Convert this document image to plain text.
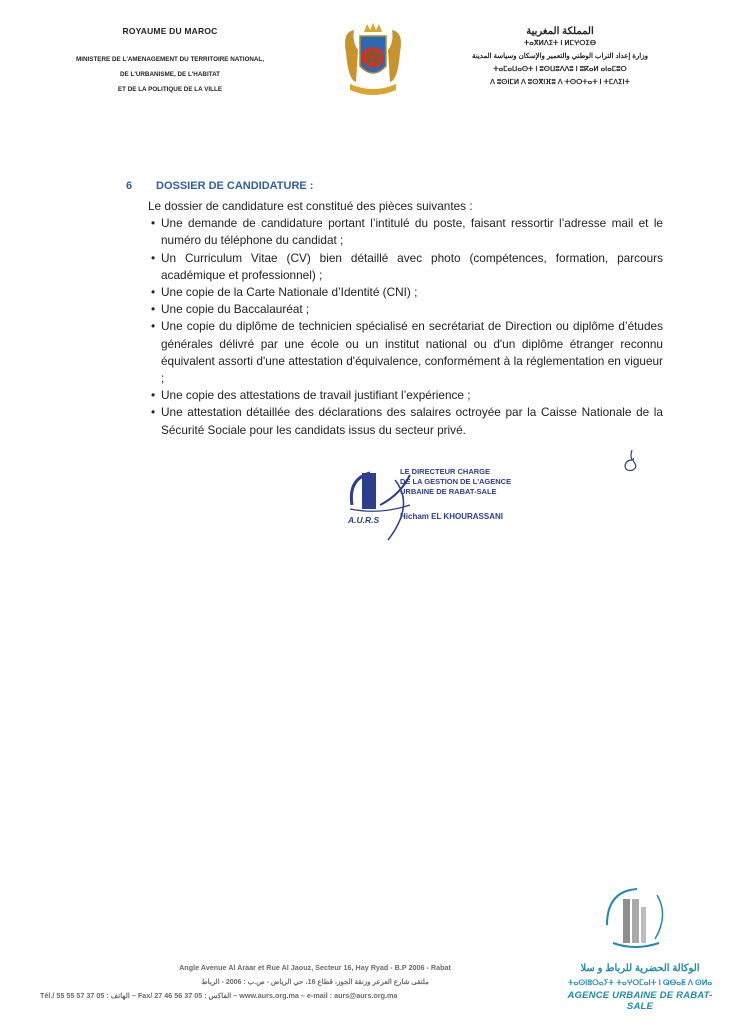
ROYAUME DU MAROC
MINISTERE DE L'AMENAGEMENT DU TERRITOIRE NATIONAL,
DE L'URBANISME, DE L'HABITAT
ET DE LA POLITIQUE DE LA VILLE
المملكة المغربية
ⵜⴰⴳⵍⴷⵉⵜ ⵏ ⵍⵎⵖⵔⵉⴱ
وزارة إعداد التراب الوطني والتعمير والإسكان وسياسة المدينة
ⵜⴰⵎⴰⵡⴰⵙⵜ ⵏ ⵓⵙⵡⵓⴷⴷⵓ ⵏ ⵓⴽⴰⵍ ⴰⵏⴰⵎⵓⵔ
ⴷ ⵓⵙⵏⵎⵍ ⴷ ⵓⵙⴳⵏⴼⵓ ⴷ ⵜⵙⵔⵜⴰⵜ ⵏ ⵜⵎⴷⵉⵏⵜ
6 DOSSIER DE CANDIDATURE :
Le dossier de candidature est constitué des pièces suivantes :
• Une demande de candidature portant l’intitulé du poste, faisant ressortir l’adresse mail et le numéro du téléphone du candidat ;
• Un Curriculum Vitae (CV) bien détaillé avec photo (compétences, formation, parcours académique et professionnel) ;
• Une copie de la Carte Nationale d’Identité (CNI) ;
• Une copie du Baccalauréat ;
• Une copie du diplôme de technicien spécialisé en secrétariat de Direction ou diplôme d’études générales délivré par une école ou un institut national ou d'un diplôme étranger reconnu équivalent assorti d'une attestation d'équivalence, conformément à la réglementation en vigueur ;
• Une copie des attestations de travail justifiant l’expérience ;
• Une attestation détaillée des déclarations des salaires octroyée par la Caisse Nationale de la Sécurité Sociale pour les candidats issus du secteur privé.
LE DIRECTEUR CHARGE
DE LA GESTION DE L'AGENCE
URBAINE DE RABAT-SALE
A.U.R.S	Hicham EL KHOURASSANI
Angle Avenue Al Araar et Rue Al Jaouz, Secteur 16, Hay Ryad - B.P 2006 - Rabat
ملتقى شارع العرعر وزنقة الجوز، قطاع 16، حي الرياض - ص.ب : 2006 - الرباط
Tél./ الهاتف : 05 37 57 55 55 – Fax/ الفاكس : 05 37 56 46 27 – www.aurs.org.ma – e-mail : aurs@aurs.org.ma
الوكالة الحضرية للرباط و سلا
ⵜⴰⵙⵏⵓⵔⴰⵢⵜ ⵜⴰⵖⵔⵎⴰⵏⵜ ⵏ ⵕⴱⴰⵟ ⴷ ⵙⵍⴰ
AGENCE URBAINE DE RABAT-SALE
